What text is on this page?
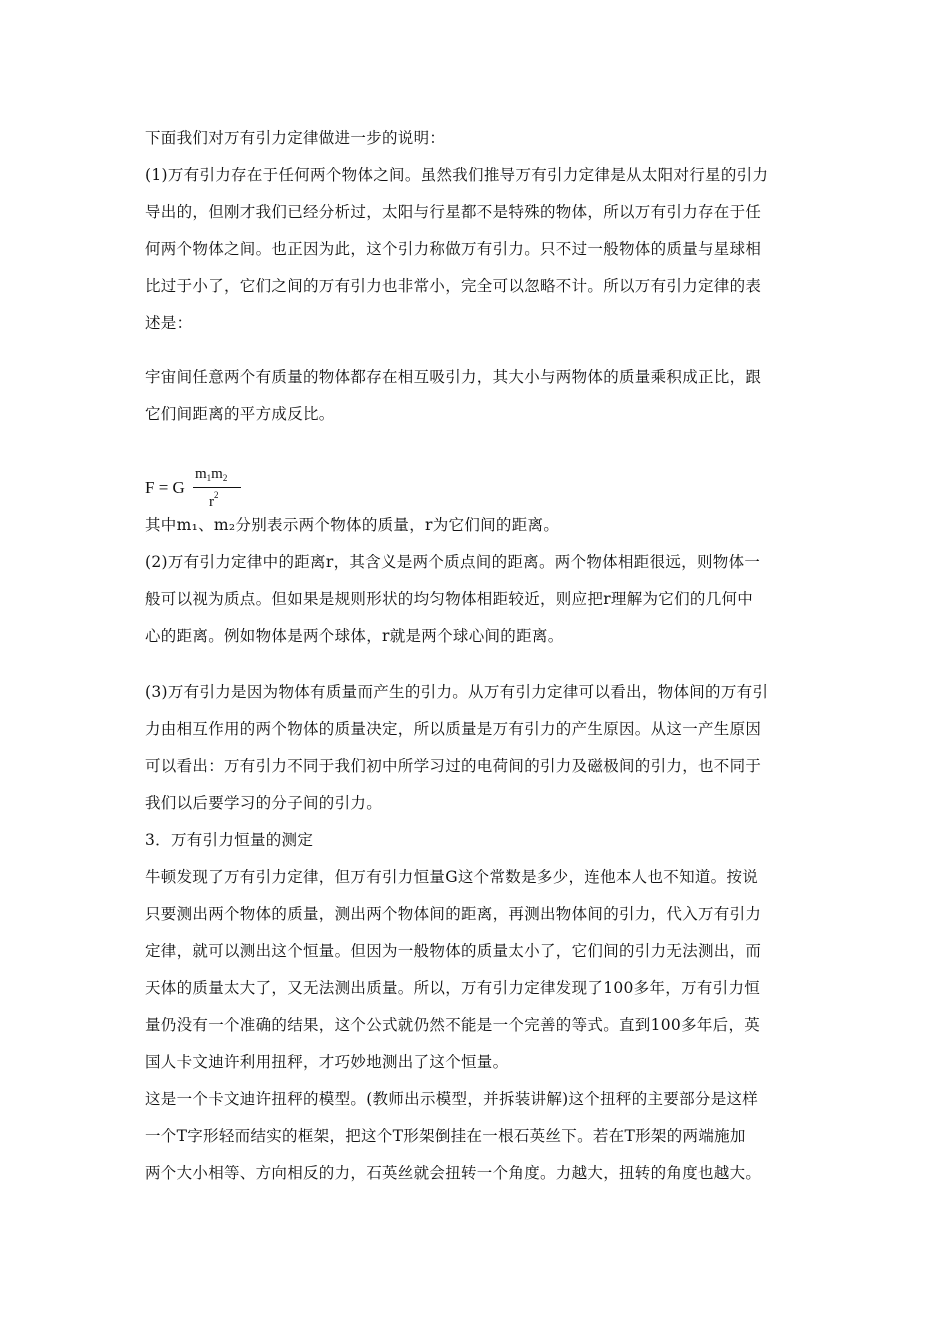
下面我们对万有引力定律做进一步的说明：
(1)万有引力存在于任何两个物体之间。虽然我们推导万有引力定律是从太阳对行星的引力
导出的，但刚才我们已经分析过，太阳与行星都不是特殊的物体，所以万有引力存在于任
何两个物体之间。也正因为此，这个引力称做万有引力。只不过一般物体的质量与星球相
比过于小了，它们之间的万有引力也非常小，完全可以忽略不计。所以万有引力定律的表
述是：
宇宙间任意两个有质量的物体都存在相互吸引力，其大小与两物体的质量乘积成正比，跟
它们间距离的平方成反比。
其中m₁、m₂分别表示两个物体的质量，r为它们间的距离。
(2)万有引力定律中的距离r，其含义是两个质点间的距离。两个物体相距很远，则物体一
般可以视为质点。但如果是规则形状的均匀物体相距较近，则应把r理解为它们的几何中
心的距离。例如物体是两个球体，r就是两个球心间的距离。
(3)万有引力是因为物体有质量而产生的引力。从万有引力定律可以看出，物体间的万有引
力由相互作用的两个物体的质量决定，所以质量是万有引力的产生原因。从这一产生原因
可以看出：万有引力不同于我们初中所学习过的电荷间的引力及磁极间的引力，也不同于
我们以后要学习的分子间的引力。
3．万有引力恒量的测定
牛顿发现了万有引力定律，但万有引力恒量G这个常数是多少，连他本人也不知道。按说
只要测出两个物体的质量，测出两个物体间的距离，再测出物体间的引力，代入万有引力
定律，就可以测出这个恒量。但因为一般物体的质量太小了，它们间的引力无法测出，而
天体的质量太大了，又无法测出质量。所以，万有引力定律发现了100多年，万有引力恒
量仍没有一个准确的结果，这个公式就仍然不能是一个完善的等式。直到100多年后，英
国人卡文迪许利用扭秤，才巧妙地测出了这个恒量。
这是一个卡文迪许扭秤的模型。(教师出示模型，并拆装讲解)这个扭秤的主要部分是这样
一个T字形轻而结实的框架，把这个T形架倒挂在一根石英丝下。若在T形架的两端施加
两个大小相等、方向相反的力，石英丝就会扭转一个角度。力越大，扭转的角度也越大。
F = G
$m_1m_2$
$r^2$
